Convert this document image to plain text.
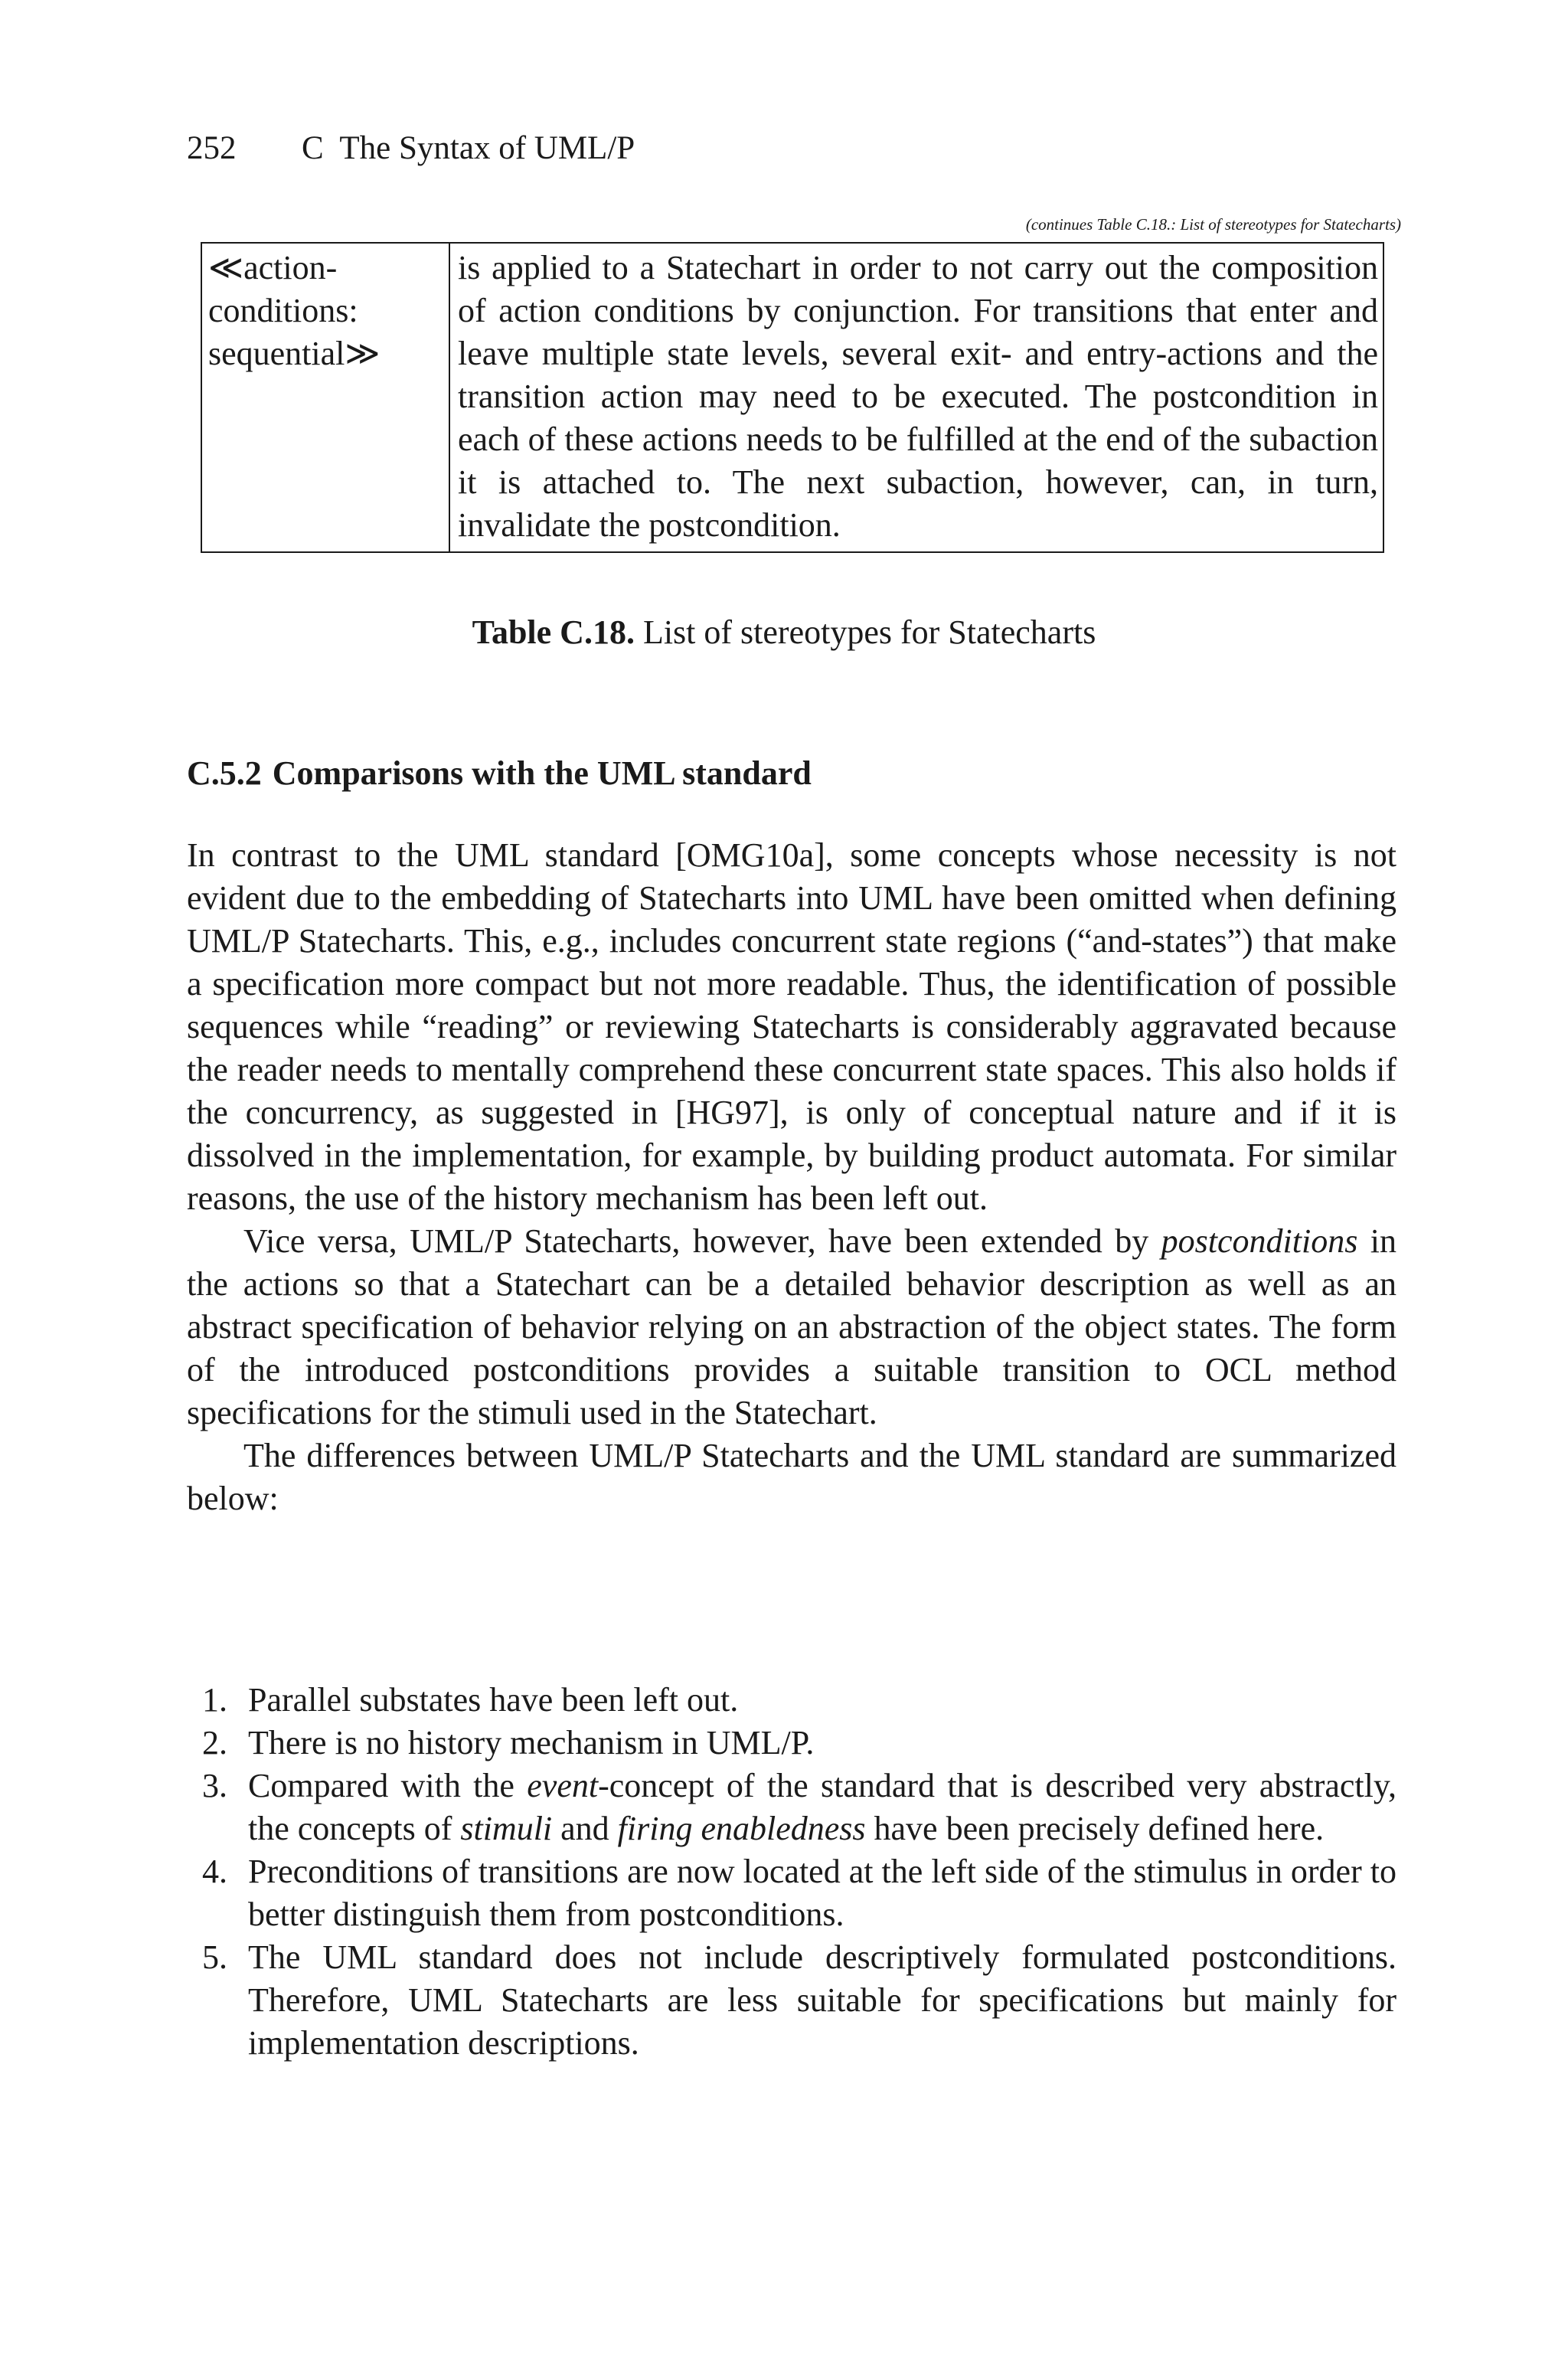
252 C  The Syntax of UML/P
(continues Table C.18.: List of stereotypes for Statecharts)
≪action-
conditions:
sequential≫	is applied to a Statechart in order to not carry out the composition of action conditions by conjunction. For transitions that enter and leave multiple state levels, several exit- and entry-actions and the transition action may need to be executed. The postcondition in each of these actions needs to be fulfilled at the end of the subaction it is attached to. The next subaction, however, can, in turn, invalidate the postcondition.
Table C.18. List of stereotypes for Statecharts
C.5.2 Comparisons with the UML standard

In contrast to the UML standard [OMG10a], some concepts whose necessity is not evident due to the embedding of Statecharts into UML have been omitted when defining UML/P Statecharts. This, e.g., includes concurrent state regions (“and-states”) that make a specification more compact but not more readable. Thus, the identification of possible sequences while “reading” or reviewing Statecharts is considerably aggravated because the reader needs to mentally comprehend these concurrent state spaces. This also holds if the concurrency, as suggested in [HG97], is only of conceptual nature and if it is dissolved in the implementation, for example, by building product automata. For similar reasons, the use of the history mechanism has been left out.

Vice versa, UML/P Statecharts, however, have been extended by postconditions in the actions so that a Statechart can be a detailed behavior description as well as an abstract specification of behavior relying on an abstraction of the object states. The form of the introduced postconditions provides a suitable transition to OCL method specifications for the stimuli used in the Statechart.

The differences between UML/P Statecharts and the UML standard are summarized below:

1. Parallel substates have been left out.
2. There is no history mechanism in UML/P.
3. Compared with the event-concept of the standard that is described very abstractly, the concepts of stimuli and firing enabledness have been precisely defined here.
4. Preconditions of transitions are now located at the left side of the stimulus in order to better distinguish them from postconditions.
5. The UML standard does not include descriptively formulated postconditions. Therefore, UML Statecharts are less suitable for specifications but mainly for implementation descriptions.
